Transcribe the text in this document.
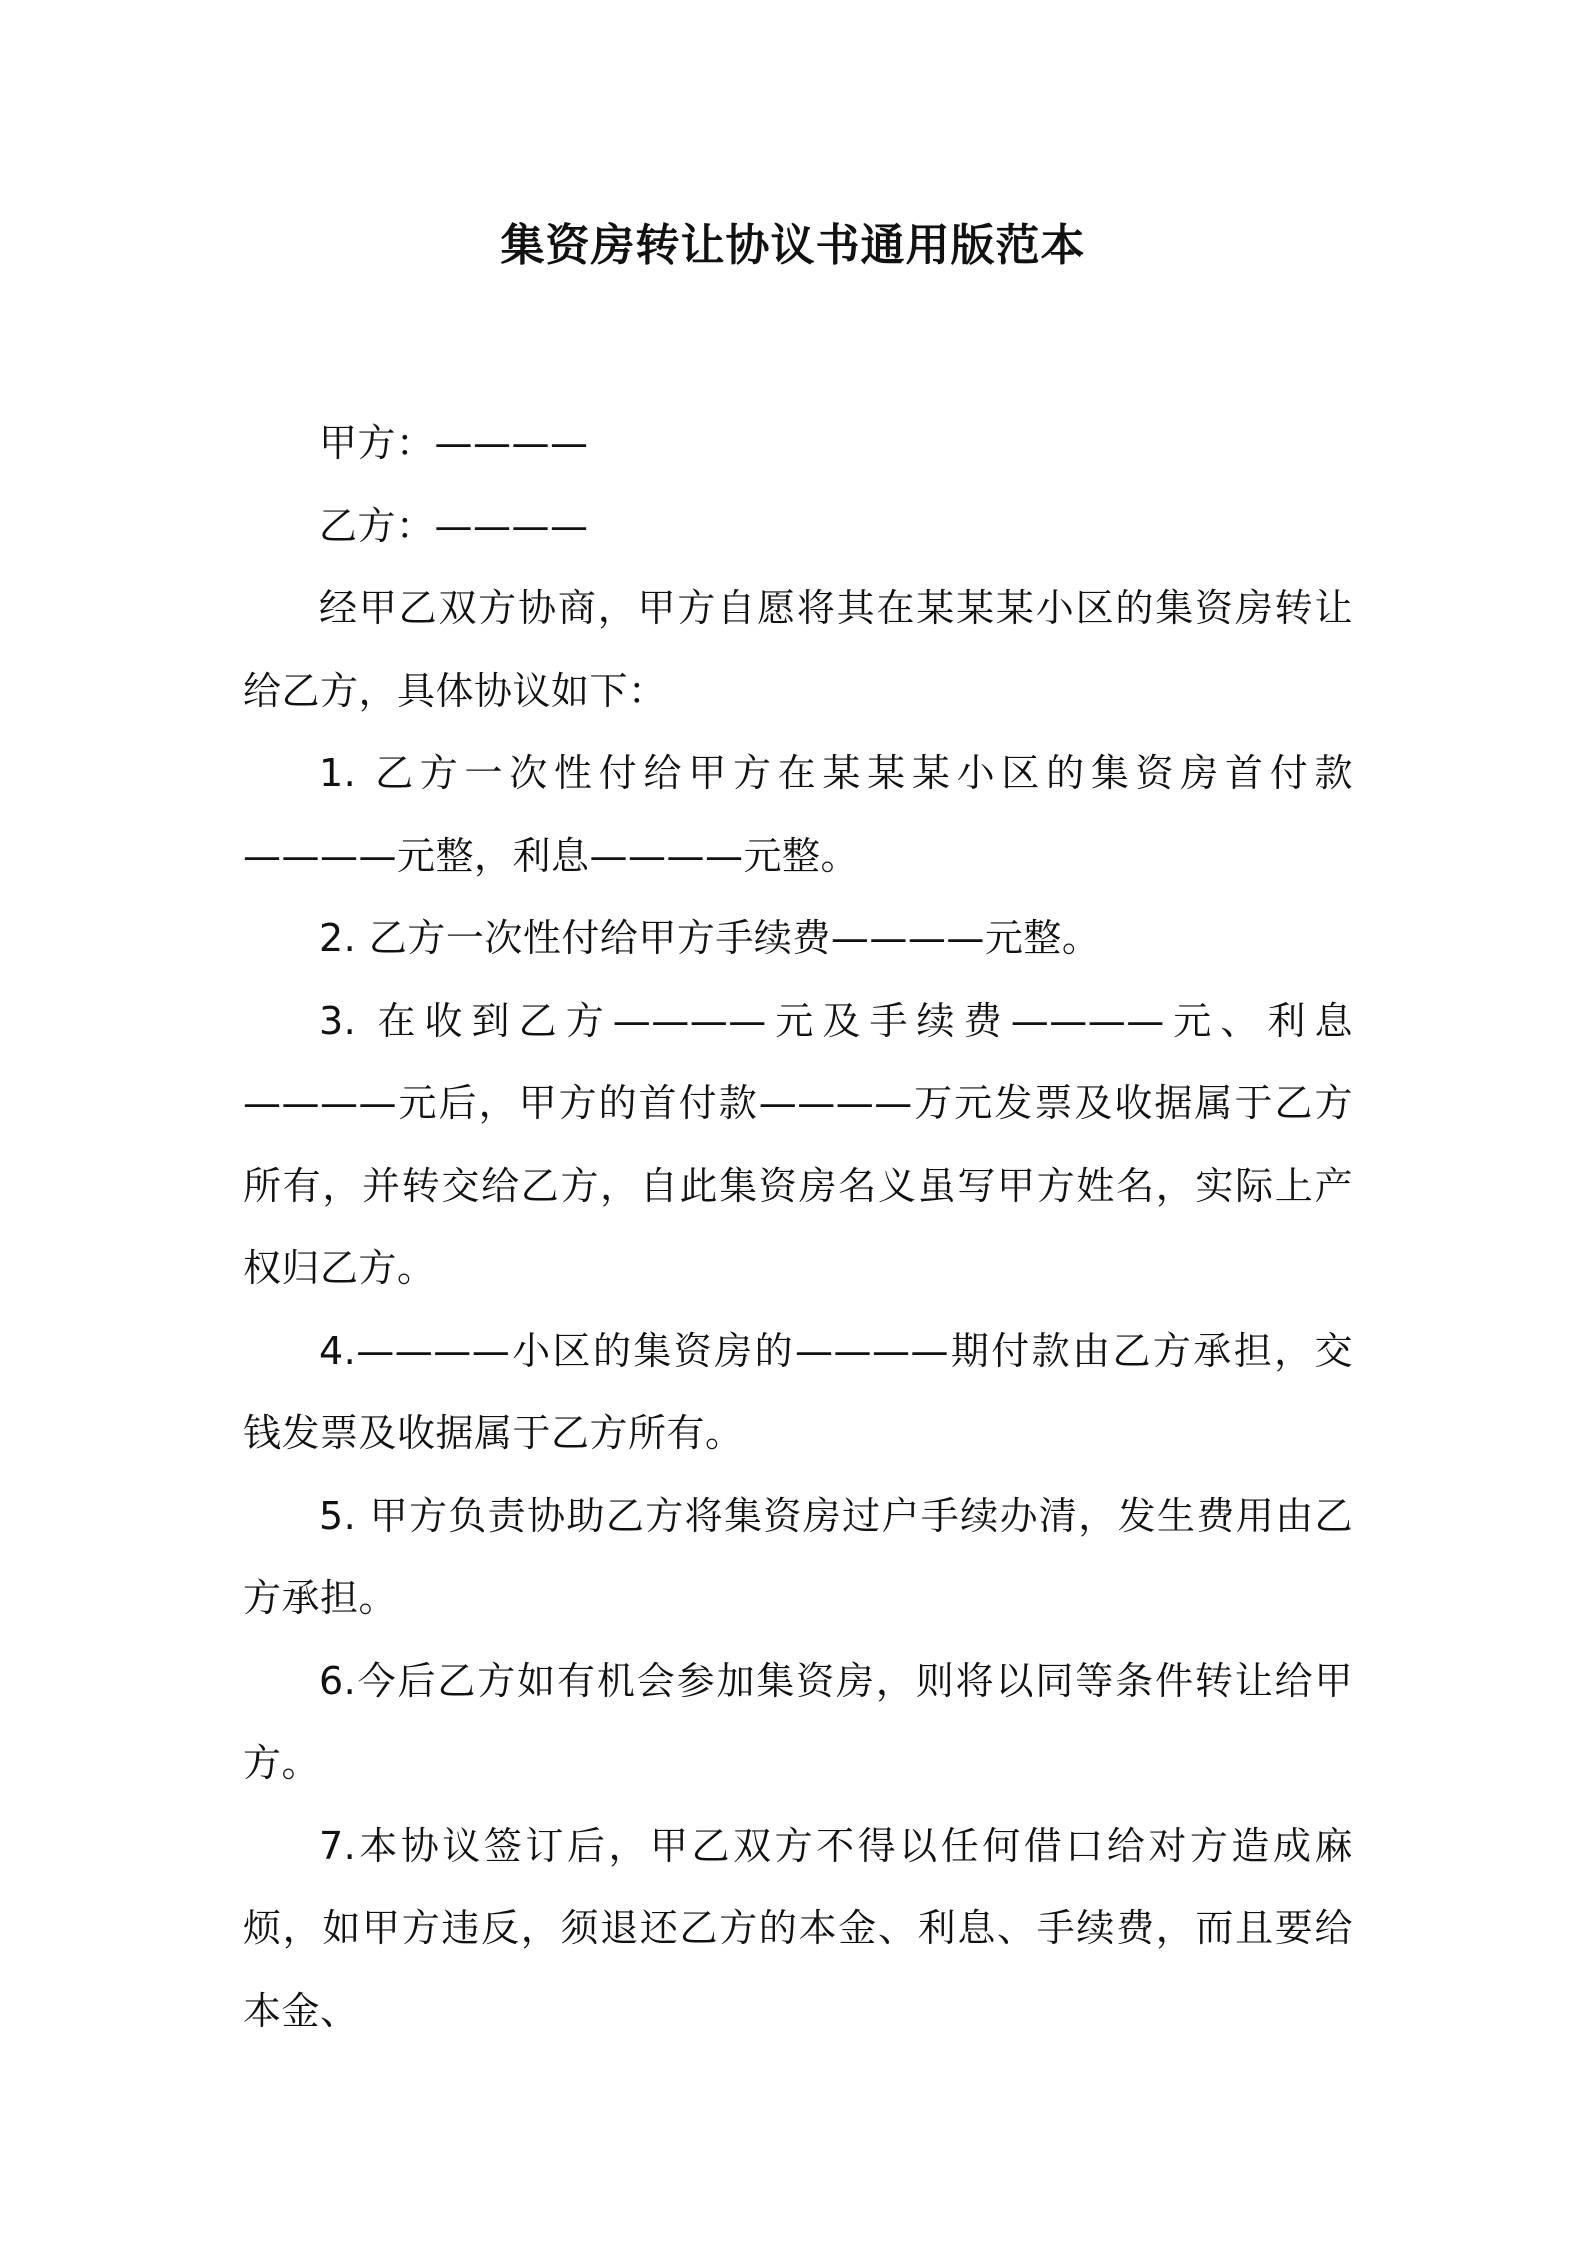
集资房转让协议书通用版范本

甲方：————

乙方：————

经甲乙双方协商，甲方自愿将其在某某某小区的集资房转让给乙方，具体协议如下：

1. 乙方一次性付给甲方在某某某小区的集资房首付款————元整，利息————元整。

2. 乙方一次性付给甲方手续费————元整。

3. 在收到乙方————元及手续费————元、利息————元后，甲方的首付款————万元发票及收据属于乙方所有，并转交给乙方，自此集资房名义虽写甲方姓名，实际上产权归乙方。

4.————小区的集资房的————期付款由乙方承担，交钱发票及收据属于乙方所有。

5. 甲方负责协助乙方将集资房过户手续办清，发生费用由乙方承担。

6.今后乙方如有机会参加集资房，则将以同等条件转让给甲方。

7.本协议签订后，甲乙双方不得以任何借口给对方造成麻烦，如甲方违反，须退还乙方的本金、利息、手续费，而且要给本金、
